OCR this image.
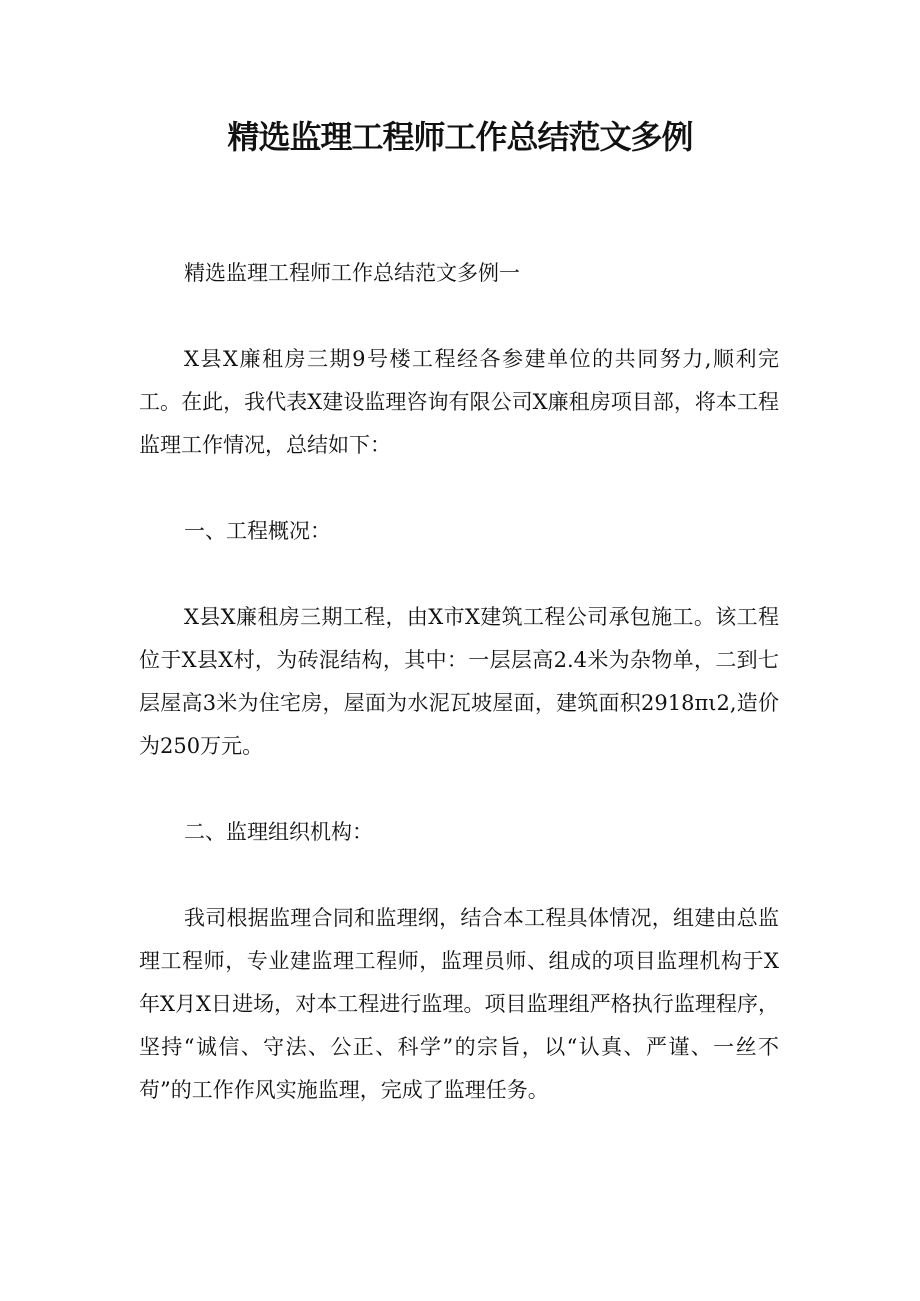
精选监理工程师工作总结范文多例

精选监理工程师工作总结范文多例一

X县X廉租房三期9号楼工程经各参建单位的共同努力,顺利完工。在此，我代表X建设监理咨询有限公司X廉租房项目部，将本工程监理工作情况，总结如下：

一、工程概况：

X县X廉租房三期工程，由X市X建筑工程公司承包施工。该工程位于X县X村，为砖混结构，其中：一层层高2.4米为杂物单，二到七层屋高3米为住宅房，屋面为水泥瓦坡屋面，建筑面积2918πι2,造价为250万元。

二、监理组织机构：

我司根据监理合同和监理纲，结合本工程具体情况，组建由总监理工程师，专业建监理工程师，监理员师、组成的项目监理机构于X年X月X日进场，对本工程进行监理。项目监理组严格执行监理程序，坚持“诚信、守法、公正、科学”的宗旨，以“认真、严谨、一丝不苟”的工作作风实施监理，完成了监理任务。
